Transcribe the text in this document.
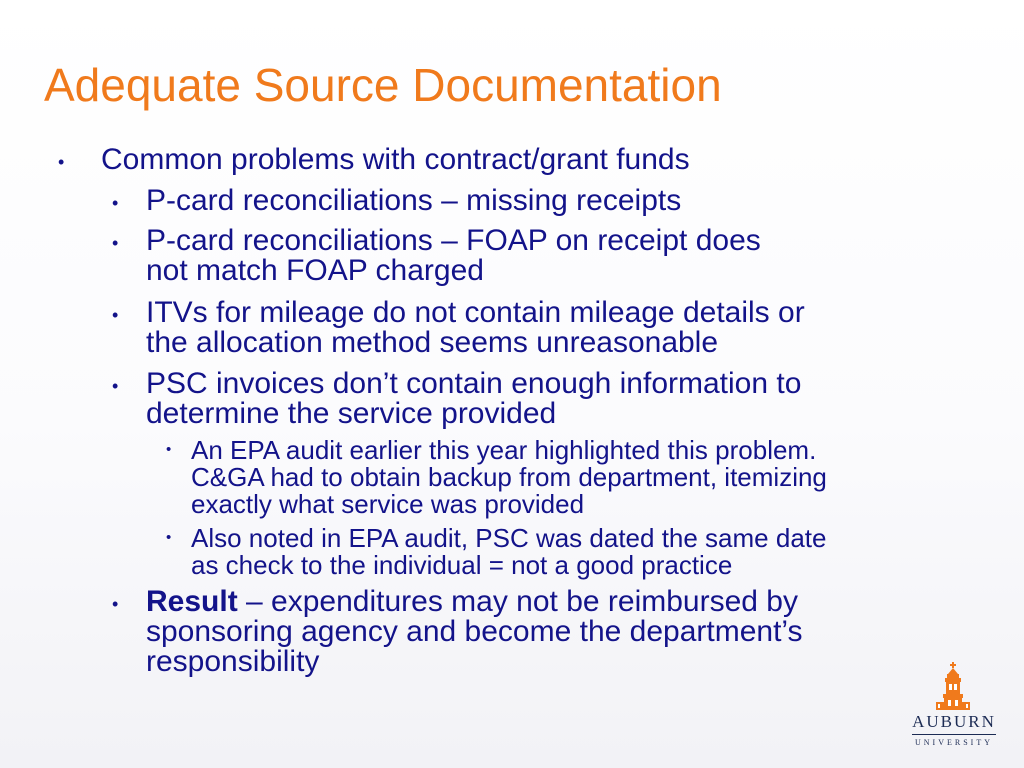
Adequate Source Documentation
• Common problems with contract/grant funds
• P-card reconciliations – missing receipts
• P-card reconciliations – FOAP on receipt does
not match FOAP charged
• ITVs for mileage do not contain mileage details or
the allocation method seems unreasonable
• PSC invoices don’t contain enough information to
determine the service provided
• An EPA audit earlier this year highlighted this problem.
C&GA had to obtain backup from department, itemizing
exactly what service was provided
• Also noted in EPA audit, PSC was dated the same date
as check to the individual = not a good practice
• Result – expenditures may not be reimbursed by
sponsoring agency and become the department’s
responsibility
AUBURN
UNIVERSITY
